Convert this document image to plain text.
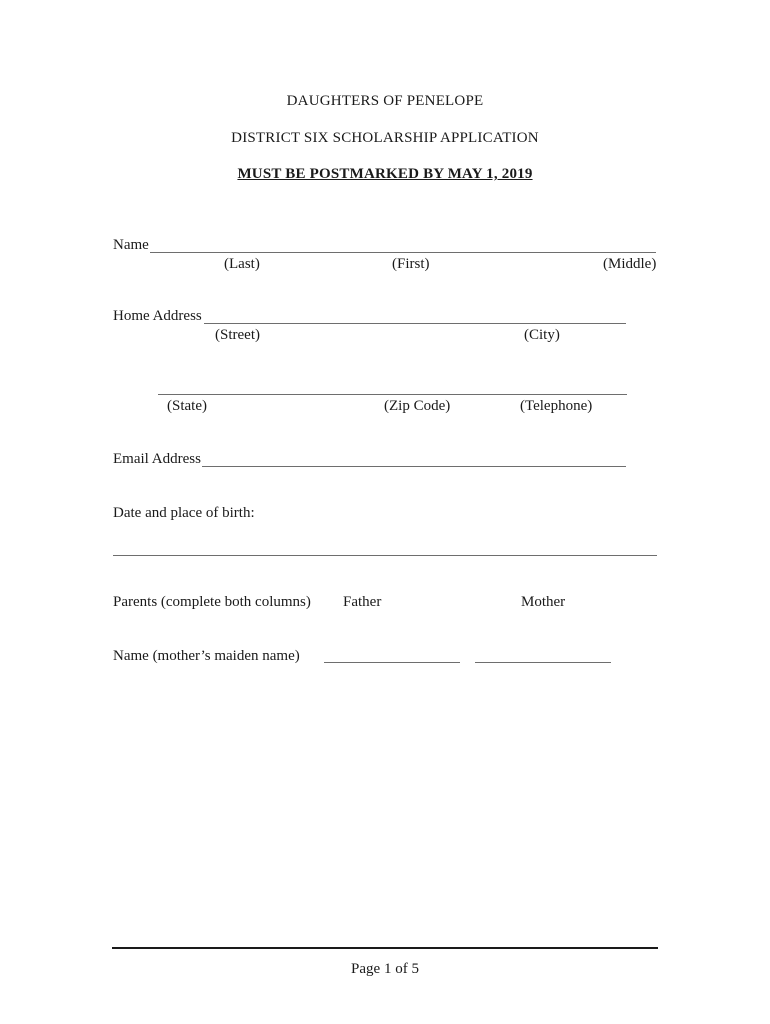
DAUGHTERS OF PENELOPE
DISTRICT SIX SCHOLARSHIP APPLICATION
MUST BE POSTMARKED BY MAY 1, 2019
Name
(Last)	(First)	(Middle)
Home Address
(Street)	(City)
(State)	(Zip Code)	(Telephone)
Email Address
Date and place of birth:
Parents (complete both columns) Father	Mother
Name (mother’s maiden name)
Page 1 of 5
